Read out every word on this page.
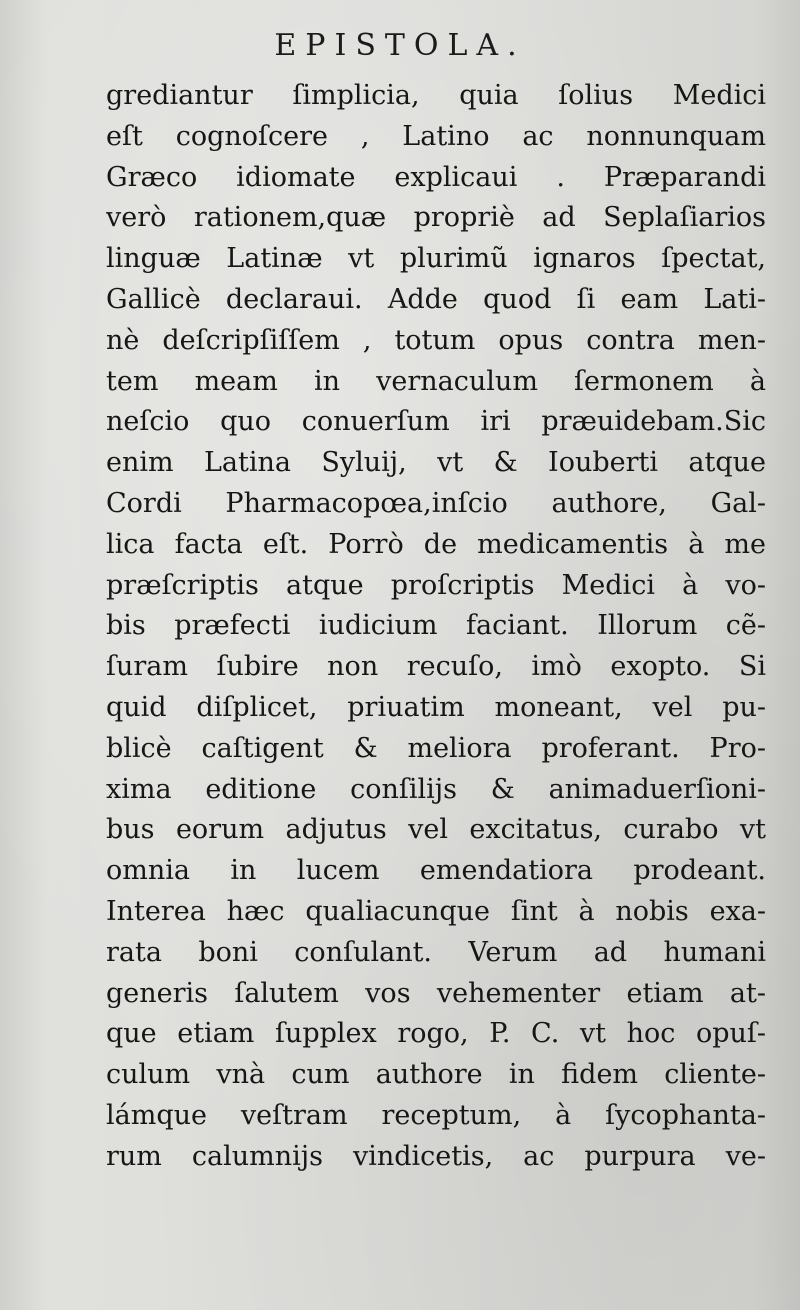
EPISTOLA.
grediantur ſimplicia, quia ſolius Medici
eſt cognoſcere , Latino ac nonnunquam
Græco idiomate explicaui . Præparandi
verò rationem,quæ propriè ad Seplaſiarios
linguæ Latinæ vt plurimũ ignaros ſpectat,
Gallicè declaraui. Adde quod ſi eam Lati-
nè deſcripſiſſem , totum opus contra men-
tem meam in vernaculum ſermonem à
neſcio quo conuerſum iri præuidebam.Sic
enim Latina Syluij, vt & Iouberti atque
Cordi Pharmacopœa,inſcio authore, Gal-
lica facta eſt. Porrò de medicamentis à me
præſcriptis atque proſcriptis Medici à vo-
bis præfecti iudicium faciant. Illorum cẽ-
ſuram ſubire non recuſo, imò exopto. Si
quid diſplicet, priuatim moneant, vel pu-
blicè caſtigent & meliora proferant. Pro-
xima editione conſilijs & animaduerſioni-
bus eorum adjutus vel excitatus, curabo vt
omnia in lucem emendatiora prodeant.
Interea hæc qualiacunque ſint à nobis exa-
rata boni conſulant. Verum ad humani
generis ſalutem vos vehementer etiam at-
que etiam ſupplex rogo, P. C. vt hoc opuſ-
culum vnà cum authore in fidem cliente-
lámque veſtram receptum, à ſycophanta-
rum calumnijs vindicetis, ac purpura ve-
